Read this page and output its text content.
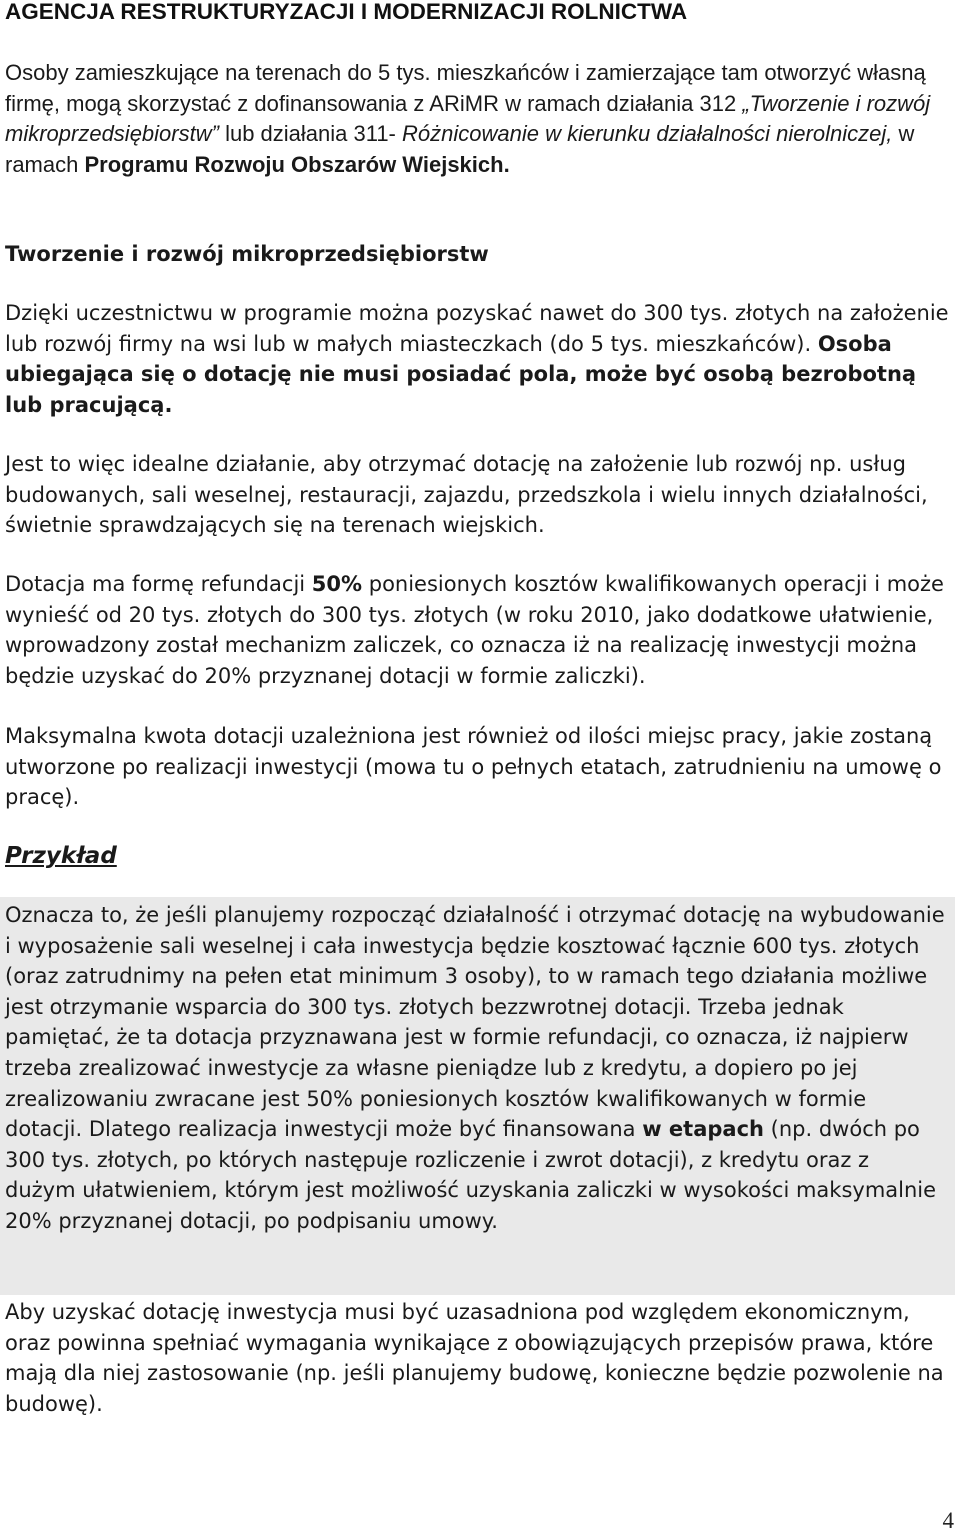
AGENCJA RESTRUKTURYZACJI I MODERNIZACJI ROLNICTWA

Osoby zamieszkujące na terenach do 5 tys. mieszkańców i zamierzające tam otworzyć własną firmę, mogą skorzystać z dofinansowania z ARiMR w ramach działania 312 „Tworzenie i rozwój mikroprzedsiębiorstw” lub działania 311- Różnicowanie w kierunku działalności nierolniczej, w ramach Programu Rozwoju Obszarów Wiejskich.

Tworzenie i rozwój mikroprzedsiębiorstw

Dzięki uczestnictwu w programie można pozyskać nawet do 300 tys. złotych na założenie lub rozwój firmy na wsi lub w małych miasteczkach (do 5 tys. mieszkańców). Osoba ubiegająca się o dotację nie musi posiadać pola, może być osobą bezrobotną lub pracującą.

Jest to więc idealne działanie, aby otrzymać dotację na założenie lub rozwój np. usług budowanych, sali weselnej, restauracji, zajazdu, przedszkola i wielu innych działalności, świetnie sprawdzających się na terenach wiejskich.

Dotacja ma formę refundacji 50% poniesionych kosztów kwalifikowanych operacji i może wynieść od 20 tys. złotych do 300 tys. złotych (w roku 2010, jako dodatkowe ułatwienie, wprowadzony został mechanizm zaliczek, co oznacza iż na realizację inwestycji można będzie uzyskać do 20% przyznanej dotacji w formie zaliczki).

Maksymalna kwota dotacji uzależniona jest również od ilości miejsc pracy, jakie zostaną utworzone po realizacji inwestycji (mowa tu o pełnych etatach, zatrudnieniu na umowę o pracę).

Przykład

Aby uzyskać dotację inwestycja musi być uzasadniona pod względem ekonomicznym, oraz powinna spełniać wymagania wynikające z obowiązujących przepisów prawa, które mają dla niej zastosowanie (np. jeśli planujemy budowę, konieczne będzie pozwolenie na budowę).

Oznacza to, że jeśli planujemy rozpocząć działalność i otrzymać dotację na wybudowanie i wyposażenie sali weselnej i cała inwestycja będzie kosztować łącznie 600 tys. złotych (oraz zatrudnimy na pełen etat minimum 3 osoby), to w ramach tego działania możliwe jest otrzymanie wsparcia do 300 tys. złotych bezzwrotnej dotacji. Trzeba jednak pamiętać, że ta dotacja przyznawana jest w formie refundacji, co oznacza, iż najpierw trzeba zrealizować inwestycje za własne pieniądze lub z kredytu, a dopiero po jej zrealizowaniu zwracane jest 50% poniesionych kosztów kwalifikowanych w formie dotacji. Dlatego realizacja inwestycji może być finansowana w etapach (np. dwóch po 300 tys. złotych, po których następuje rozliczenie i zwrot dotacji), z kredytu oraz z dużym ułatwieniem, którym jest możliwość uzyskania zaliczki w wysokości maksymalnie 20% przyznanej dotacji, po podpisaniu umowy.

4
